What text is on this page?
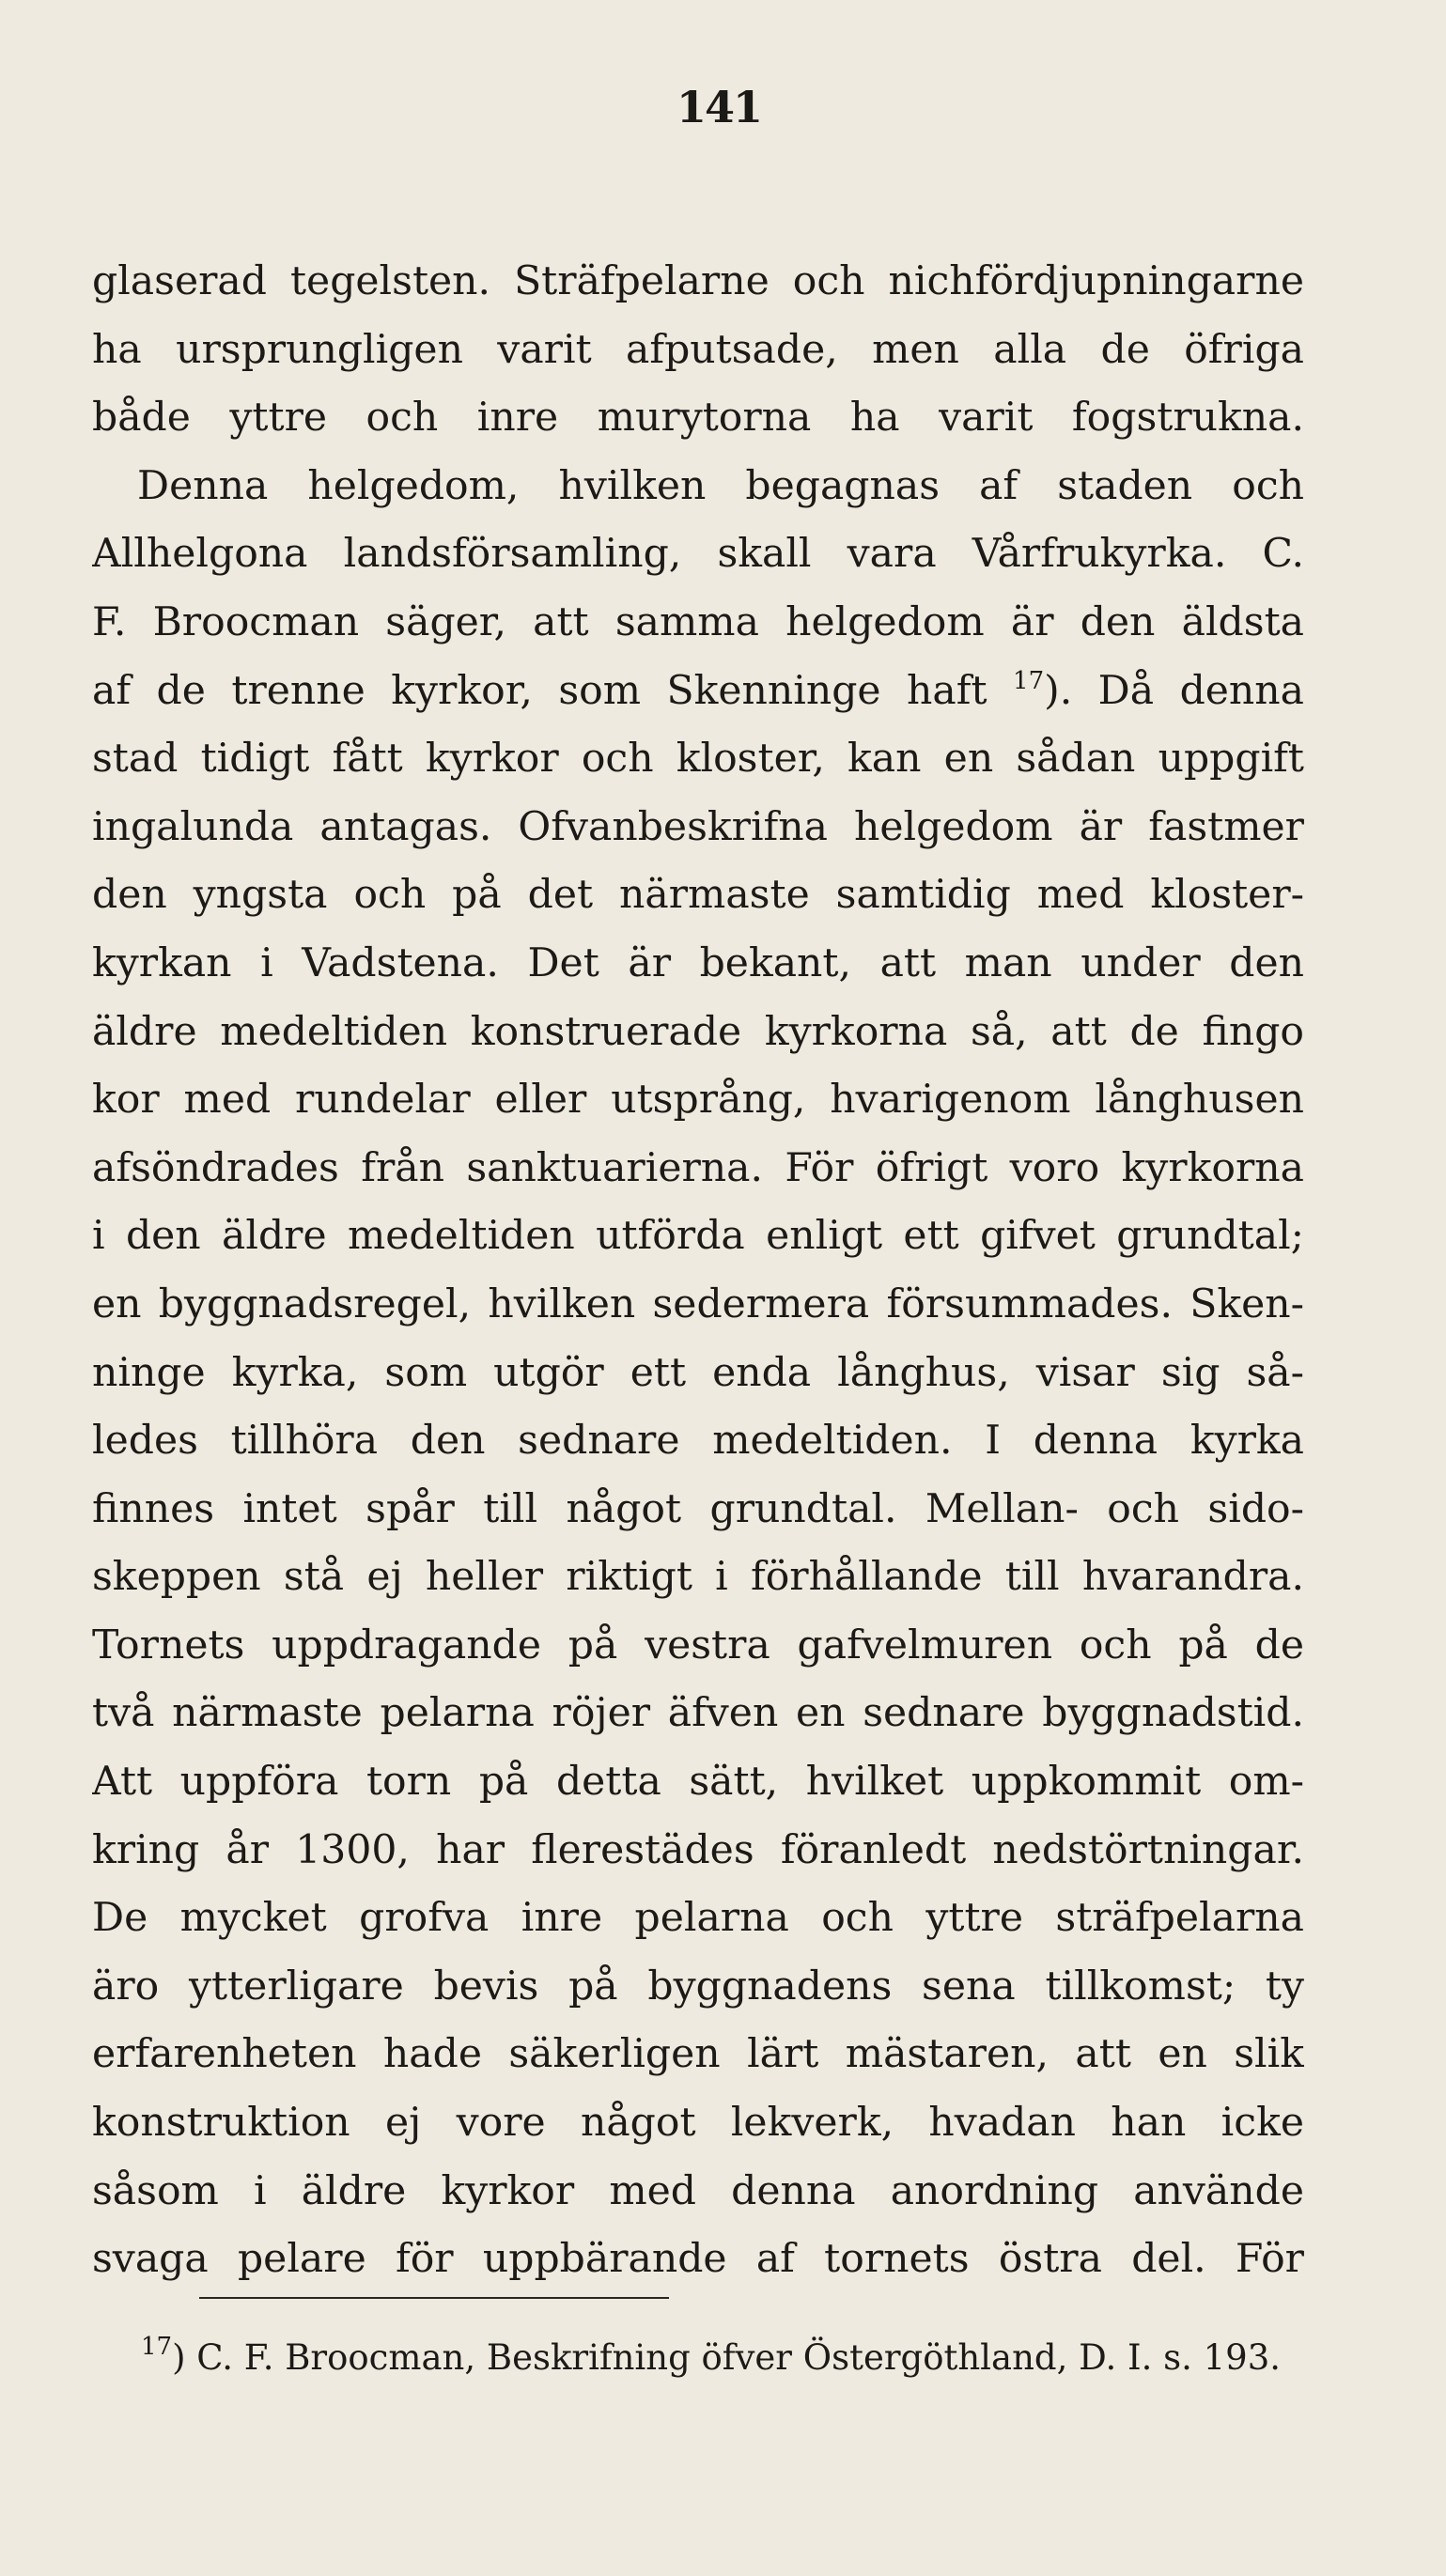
141
glaserad tegelsten. Sträfpelarne och nichfördjupningarne
ha ursprungligen varit afputsade, men alla de öfriga
både yttre och inre murytorna ha varit fogstrukna.
Denna helgedom, hvilken begagnas af staden och
Allhelgona landsförsamling, skall vara Vårfrukyrka. C.
F. Broocman säger, att samma helgedom är den äldsta
af de trenne kyrkor, som Skenninge haft $^{17}$). Då denna
stad tidigt fått kyrkor och kloster, kan en sådan uppgift
ingalunda antagas. Ofvanbeskrifna helgedom är fastmer
den yngsta och på det närmaste samtidig med kloster-
kyrkan i Vadstena. Det är bekant, att man under den
äldre medeltiden konstruerade kyrkorna så, att de fingo
kor med rundelar eller utsprång, hvarigenom långhusen
afsöndrades från sanktuarierna. För öfrigt voro kyrkorna
i den äldre medeltiden utförda enligt ett gifvet grundtal;
en byggnadsregel, hvilken sedermera försummades. Sken-
ninge kyrka, som utgör ett enda långhus, visar sig så-
ledes tillhöra den sednare medeltiden. I denna kyrka
finnes intet spår till något grundtal. Mellan- och sido-
skeppen stå ej heller riktigt i förhållande till hvarandra.
Tornets uppdragande på vestra gafvelmuren och på de
två närmaste pelarna röjer äfven en sednare byggnadstid.
Att uppföra torn på detta sätt, hvilket uppkommit om-
kring år 1300, har flerestädes föranledt nedstörtningar.
De mycket grofva inre pelarna och yttre sträfpelarna
äro ytterligare bevis på byggnadens sena tillkomst; ty
erfarenheten hade säkerligen lärt mästaren, att en slik
konstruktion ej vore något lekverk, hvadan han icke
såsom i äldre kyrkor med denna anordning använde
svaga pelare för uppbärande af tornets östra del. För
$^{17}$) C. F. Broocman, Beskrifning öfver Östergöthland, D. I. s. 193.
